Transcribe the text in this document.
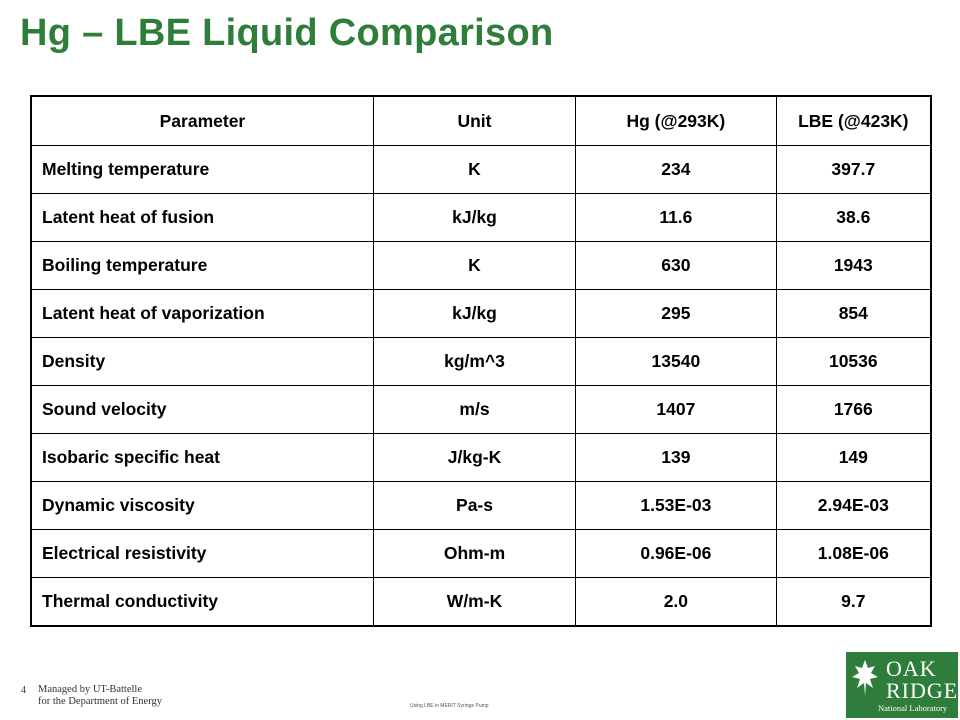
Hg – LBE Liquid Comparison
Parameter	Unit	Hg (@293K)	LBE (@423K)
Melting temperature	K	234	397.7
Latent heat of fusion	kJ/kg	11.6	38.6
Boiling temperature	K	630	1943
Latent heat of vaporization	kJ/kg	295	854
Density	kg/m^3	13540	10536
Sound velocity	m/s	1407	1766
Isobaric specific heat	J/kg-K	139	149
Dynamic viscosity	Pa-s	1.53E-03	2.94E-03
Electrical resistivity	Ohm-m	0.96E-06	1.08E-06
Thermal conductivity	W/m-K	2.0	9.7
4 Managed by UT-Battelle
for the Department of Energy	Using LBE in MERIT Syringe Pump
OAK
RIDGE
National Laboratory
